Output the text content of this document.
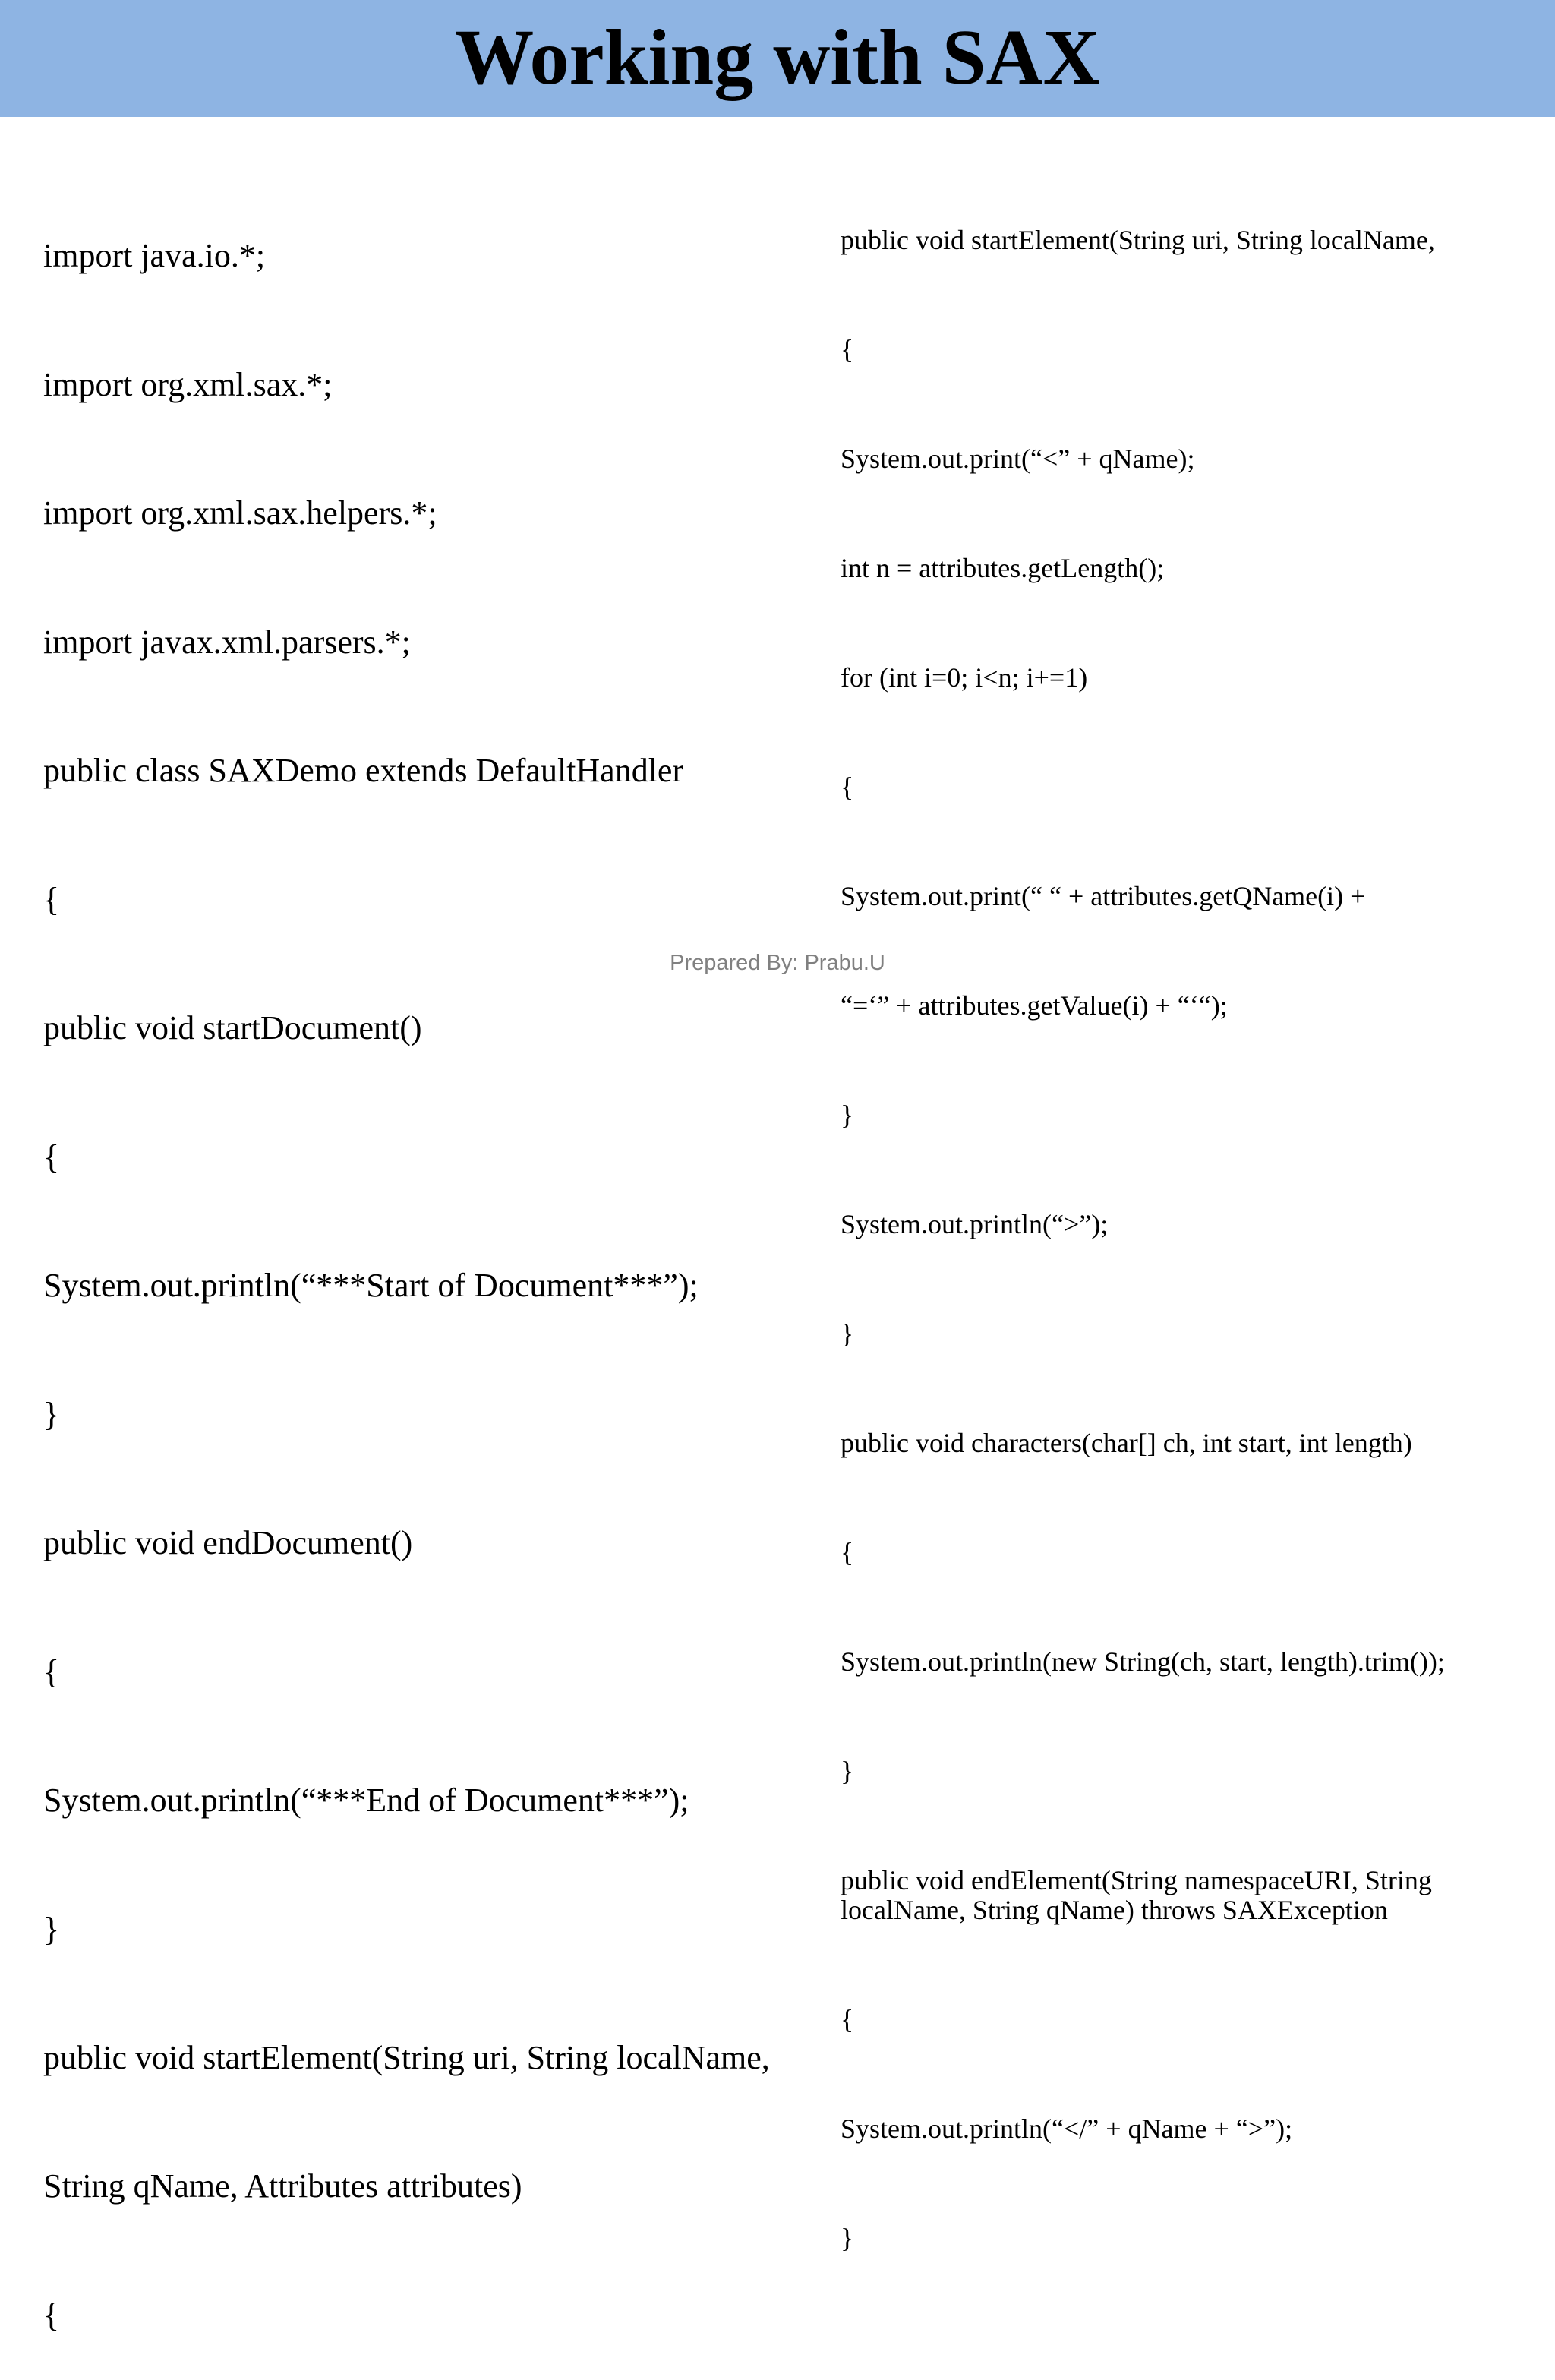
Working with SAX

import java.io.*;

import org.xml.sax.*;

import org.xml.sax.helpers.*;

import javax.xml.parsers.*;

public class SAXDemo extends DefaultHandler

{

public void startDocument()

{

System.out.println(“***Start of Document***”);

}

public void endDocument()

{

System.out.println(“***End of Document***”);

}

public void startElement(String uri, String localName,

String qName, Attributes attributes)

{

public void startElement(String uri, String localName,

{

System.out.print(“<” + qName);

int n = attributes.getLength();

for (int i=0; i<n; i+=1)

{

System.out.print(“ “ + attributes.getQName(i) +

“=‘” + attributes.getValue(i) + “‘“);

}

System.out.println(“>”);

}

public void characters(char[] ch, int start, int length)

{

System.out.println(new String(ch, start, length).trim());

}

public void endElement(String namespaceURI, String localName, String qName) throws SAXException

{

System.out.println(“</” + qName + “>”);

}

Prepared By: Prabu.U
